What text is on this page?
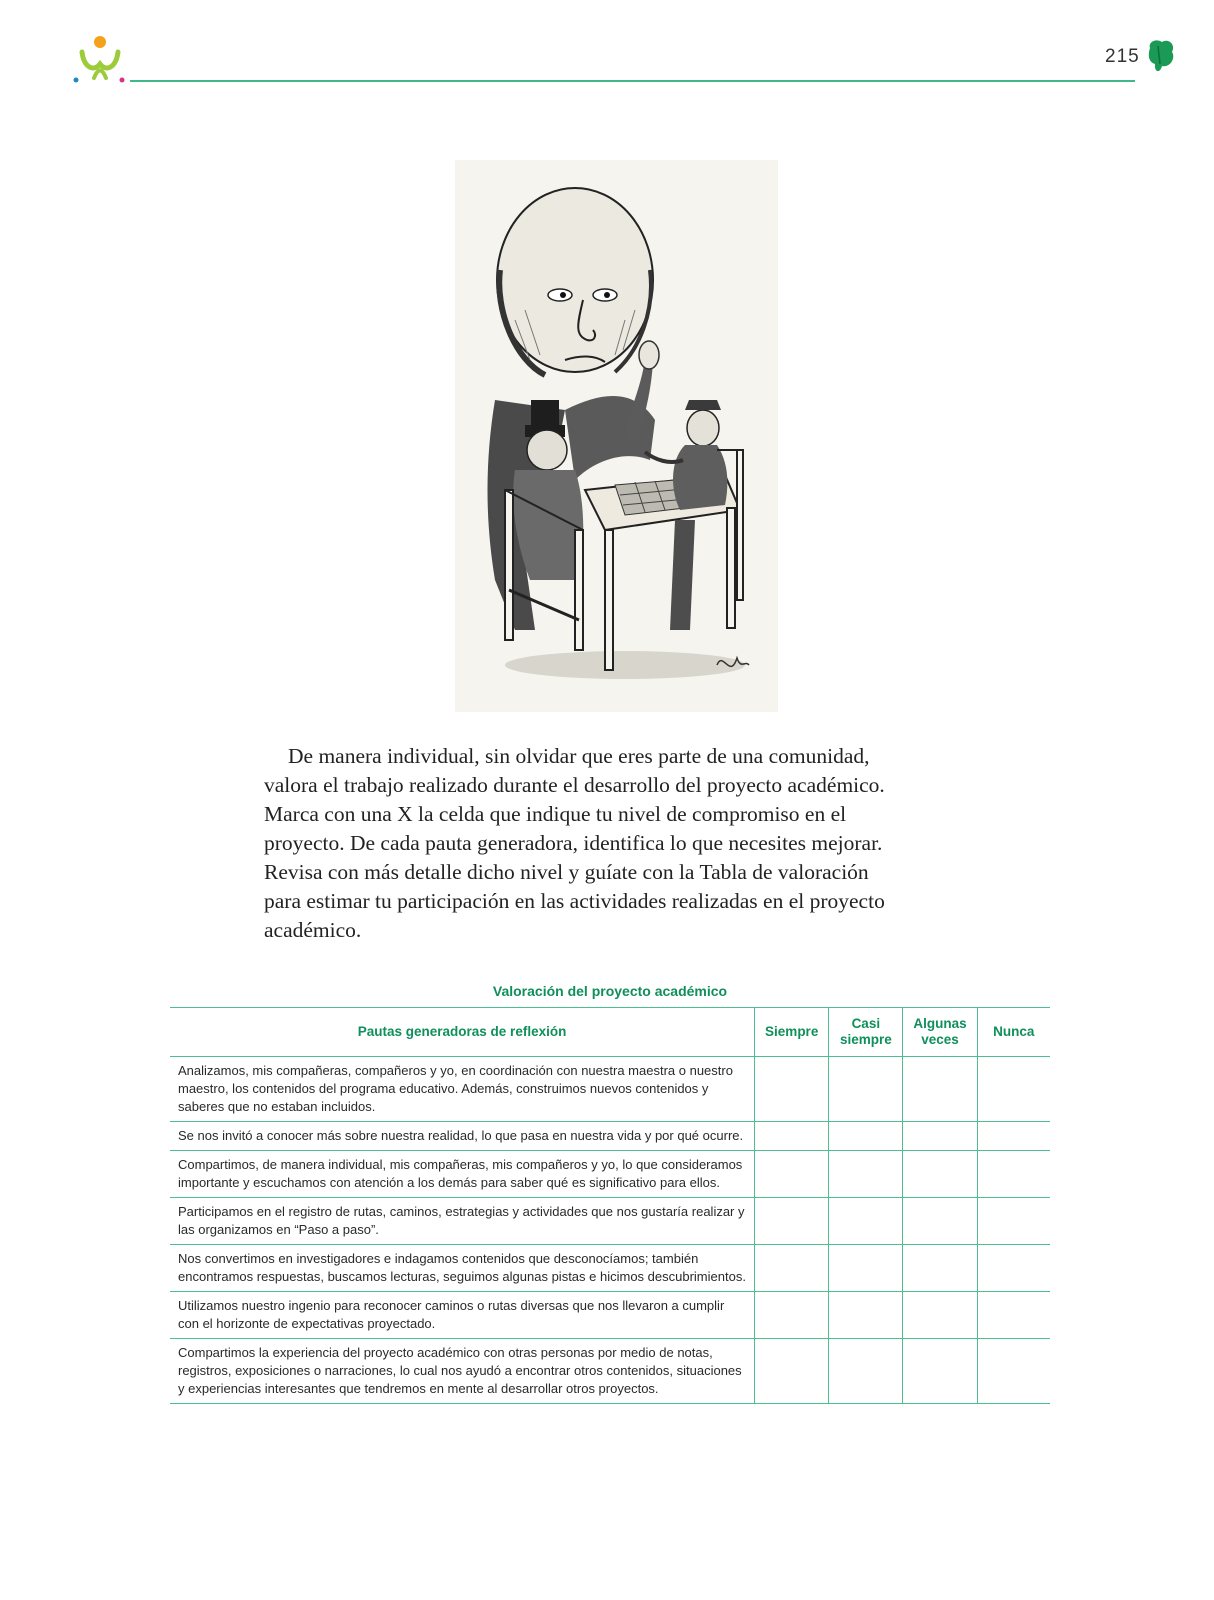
215

De manera individual, sin olvidar que eres parte de una comunidad, valora el trabajo realizado durante el desarrollo del proyecto académico. Marca con una X la celda que indique tu nivel de compromiso en el proyecto. De cada pauta generadora, identifica lo que necesites mejorar. Revisa con más detalle dicho nivel y guíate con la Tabla de valoración para estimar tu participación en las actividades realizadas en el proyecto académico.

Valoración del proyecto académico
Pautas generadoras de reflexión	Siempre	Casi siempre	Algunas veces	Nunca
Analizamos, mis compañeras, compañeros y yo, en coordinación con nuestra maestra o nuestro maestro, los contenidos del programa educativo. Además, construimos nuevos contenidos y saberes que no estaban incluidos.				
Se nos invitó a conocer más sobre nuestra realidad, lo que pasa en nuestra vida y por qué ocurre.				
Compartimos, de manera individual, mis compañeras, mis compañeros y yo, lo que consideramos importante y escuchamos con atención a los demás para saber qué es significativo para ellos.				
Participamos en el registro de rutas, caminos, estrategias y actividades que nos gustaría realizar y las organizamos en “Paso a paso”.				
Nos convertimos en investigadores e indagamos contenidos que desconocíamos; también encontramos respuestas, buscamos lecturas, seguimos algunas pistas e hicimos descubrimientos.				
Utilizamos nuestro ingenio para reconocer caminos o rutas diversas que nos llevaron a cumplir con el horizonte de expectativas proyectado.				
Compartimos la experiencia del proyecto académico con otras personas por medio de notas, registros, exposiciones o narraciones, lo cual nos ayudó a encontrar otros contenidos, situaciones y experiencias interesantes que tendremos en mente al desarrollar otros proyectos.				
